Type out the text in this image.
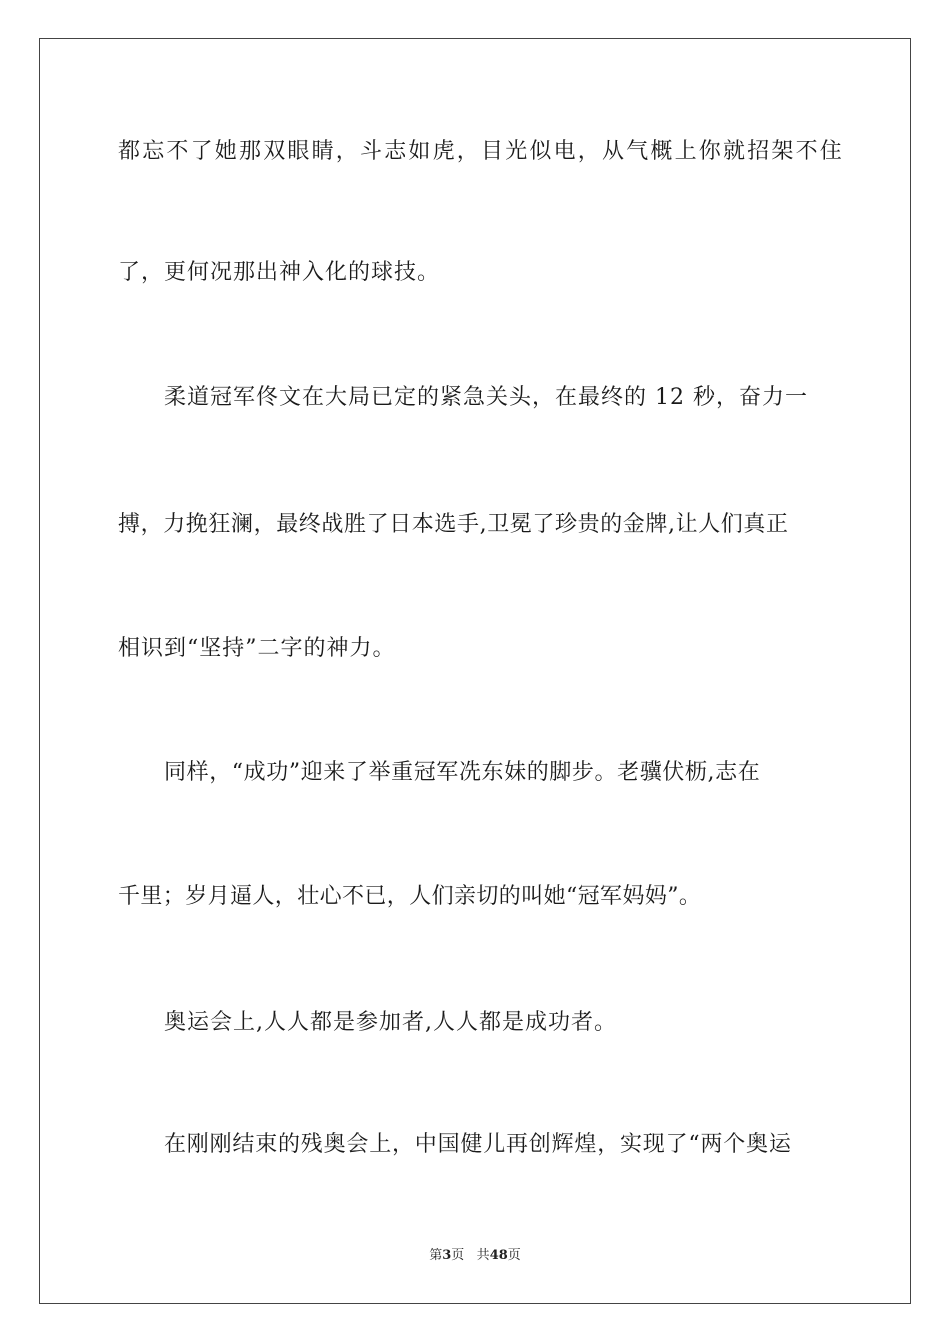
都忘不了她那双眼睛，斗志如虎，目光似电，从气概上你就招架不住
了，更何况那出神入化的球技。
柔道冠军佟文在大局已定的紧急关头，在最终的 12 秒，奋力一
搏，力挽狂澜，最终战胜了日本选手,卫冕了珍贵的金牌,让人们真正
相识到“坚持”二字的神力。
同样，“成功”迎来了举重冠军冼东妹的脚步。老骥伏枥,志在
千里；岁月逼人，壮心不已，人们亲切的叫她“冠军妈妈”。
奥运会上,人人都是参加者,人人都是成功者。
在刚刚结束的残奥会上，中国健儿再创辉煌，实现了“两个奥运
第3页 共48页
